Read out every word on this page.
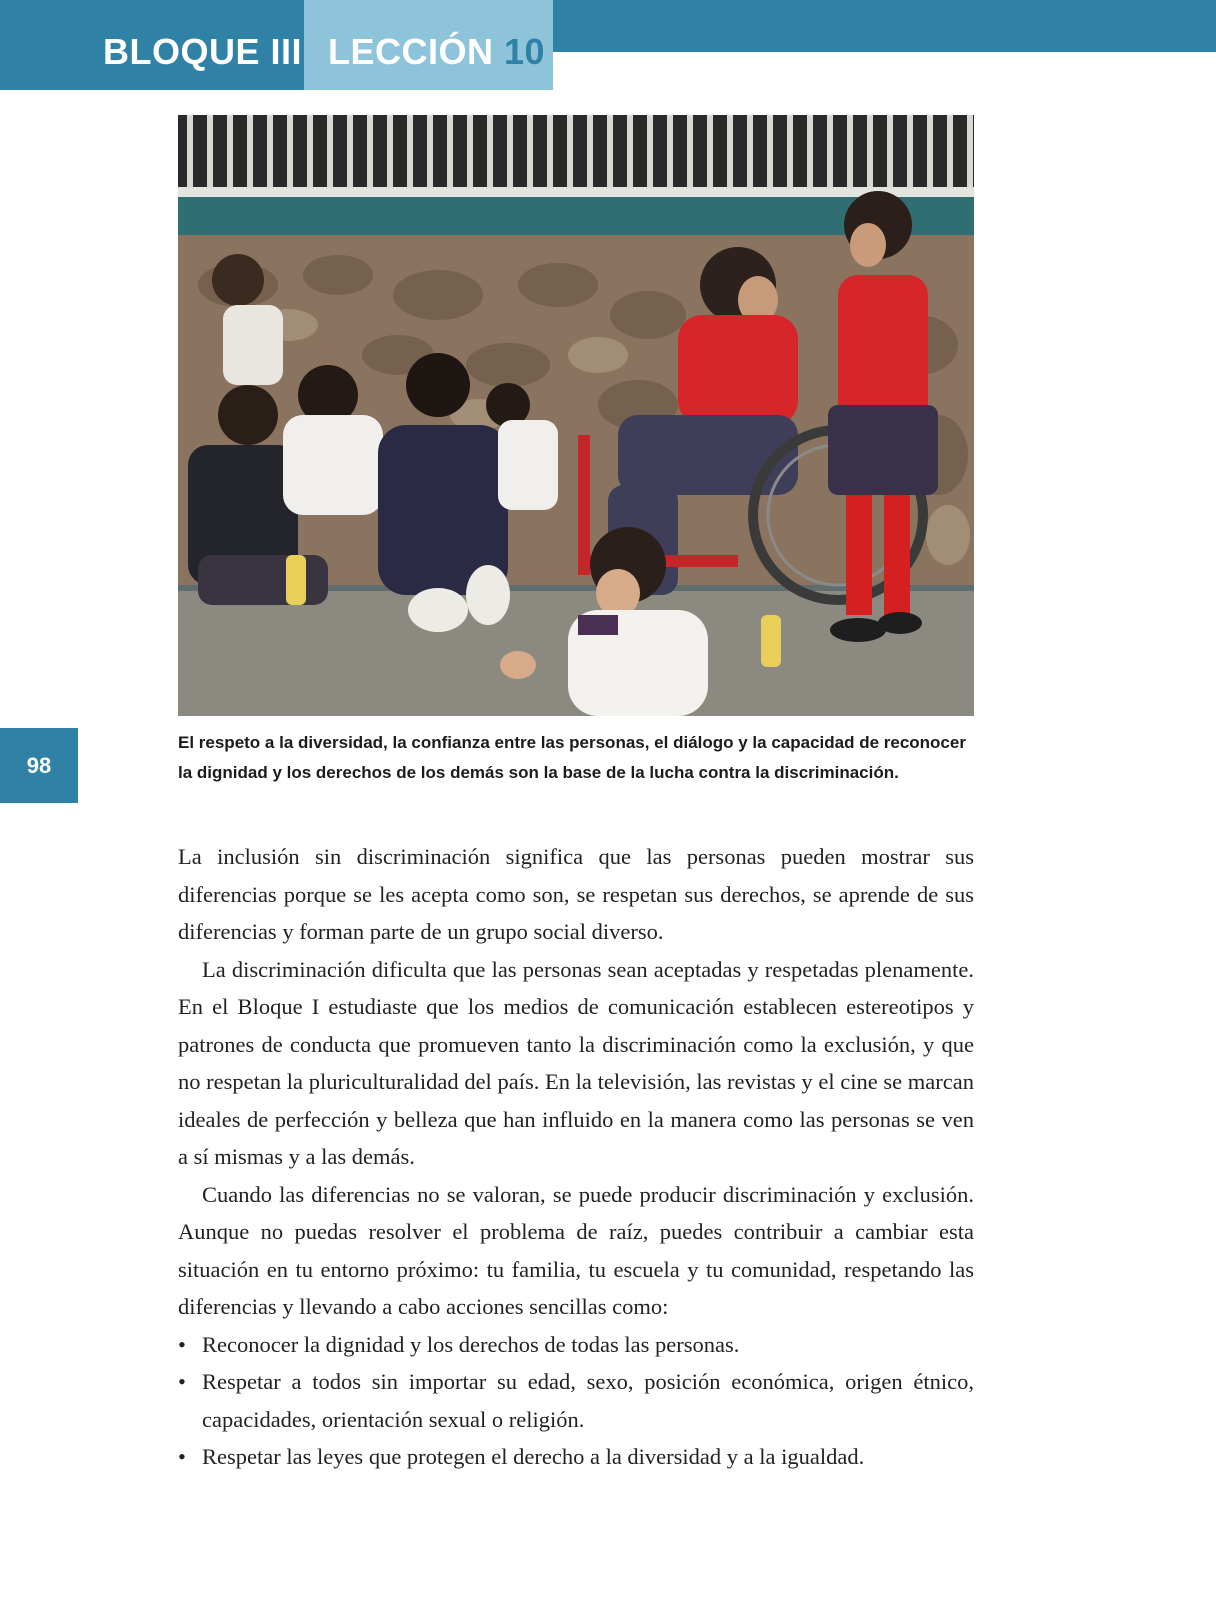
BLOQUE III LECCIÓN 10
98
El respeto a la diversidad, la confianza entre las personas, el diálogo y la capacidad de reconocer la dignidad y los derechos de los demás son la base de la lucha contra la discriminación.

La inclusión sin discriminación significa que las personas pueden mostrar sus diferencias porque se les acepta como son, se respetan sus derechos, se aprende de sus diferencias y forman parte de un grupo social diverso.

La discriminación dificulta que las personas sean aceptadas y respetadas plenamente. En el Bloque I estudiaste que los medios de comunicación establecen estereotipos y patrones de conducta que promueven tanto la discriminación como la exclusión, y que no respetan la pluriculturalidad del país. En la televisión, las revistas y el cine se marcan ideales de perfección y belleza que han influido en la manera como las personas se ven a sí mismas y a las demás.

Cuando las diferencias no se valoran, se puede producir discriminación y exclusión. Aunque no puedas resolver el problema de raíz, puedes contribuir a cambiar esta situación en tu entorno próximo: tu familia, tu escuela y tu comunidad, respetando las diferencias y llevando a cabo acciones sencillas como:

• Reconocer la dignidad y los derechos de todas las personas.
• Respetar a todos sin importar su edad, sexo, posición económica, origen étnico, capacidades, orientación sexual o religión.
• Respetar las leyes que protegen el derecho a la diversidad y a la igualdad.
